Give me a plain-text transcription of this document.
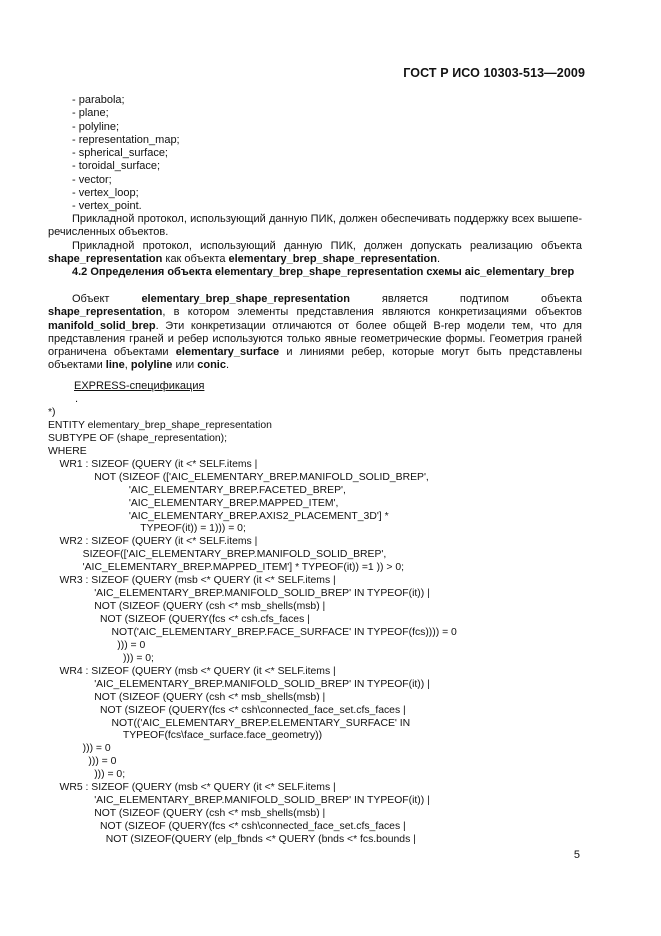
ГОСТ Р ИСО 10303-513—2009
- parabola;
- plane;
- polyline;
- representation_map;
- spherical_surface;
- toroidal_surface;
- vector;
- vertex_loop;
- vertex_point.

Прикладной протокол, использующий данную ПИК, должен обеспечивать поддержку всех вышепе-речисленных объектов.

Прикладной протокол, использующий данную ПИК, должен допускать реализацию объекта shape_representation как объекта elementary_brep_shape_representation.

4.2 Определения объекта elementary_brep_shape_representation схемы aic_elementary_brep

Объект elementary_brep_shape_representation является подтипом объекта shape_representation, в котором элементы представления являются конкретизациями объектов manifold_solid_brep. Эти конкретизации отличаются от более общей B-rep модели тем, что для представления граней и ребер используются только явные геометрические формы. Геометрия граней ограничена объектами elementary_surface и линиями ребер, которые могут быть представлены объектами line, polyline или conic.

EXPRESS-спецификация
.
*)
ENTITY elementary_brep_shape_representation
SUBTYPE OF (shape_representation);
WHERE
WR1 : SIZEOF (QUERY (it <* SELF.items |
NOT (SIZEOF (['AIC_ELEMENTARY_BREP.MANIFOLD_SOLID_BREP',
'AIC_ELEMENTARY_BREP.FACETED_BREP',
'AIC_ELEMENTARY_BREP.MAPPED_ITEM',
'AIC_ELEMENTARY_BREP.AXIS2_PLACEMENT_3D'] *
TYPEOF(it)) = 1))) = 0;
WR2 : SIZEOF (QUERY (it <* SELF.items |
SIZEOF(['AIC_ELEMENTARY_BREP.MANIFOLD_SOLID_BREP',
'AIC_ELEMENTARY_BREP.MAPPED_ITEM'] * TYPEOF(it)) =1 )) > 0;
WR3 : SIZEOF (QUERY (msb <* QUERY (it <* SELF.items |
'AIC_ELEMENTARY_BREP.MANIFOLD_SOLID_BREP' IN TYPEOF(it)) |
NOT (SIZEOF (QUERY (csh <* msb_shells(msb) |
NOT (SIZEOF (QUERY(fcs <* csh.cfs_faces |
NOT('AIC_ELEMENTARY_BREP.FACE_SURFACE' IN TYPEOF(fcs)))) = 0
))) = 0
))) = 0;
WR4 : SIZEOF (QUERY (msb <* QUERY (it <* SELF.items |
'AIC_ELEMENTARY_BREP.MANIFOLD_SOLID_BREP' IN TYPEOF(it)) |
NOT (SIZEOF (QUERY (csh <* msb_shells(msb) |
NOT (SIZEOF (QUERY(fcs <* csh\connected_face_set.cfs_faces |
NOT(('AIC_ELEMENTARY_BREP.ELEMENTARY_SURFACE' IN
TYPEOF(fcs\face_surface.face_geometry))
))) = 0
))) = 0
))) = 0;
WR5 : SIZEOF (QUERY (msb <* QUERY (it <* SELF.items |
'AIC_ELEMENTARY_BREP.MANIFOLD_SOLID_BREP' IN TYPEOF(it)) |
NOT (SIZEOF (QUERY (csh <* msb_shells(msb) |
NOT (SIZEOF (QUERY(fcs <* csh\connected_face_set.cfs_faces |
NOT (SIZEOF(QUERY (elp_fbnds <* QUERY (bnds <* fcs.bounds |
5
